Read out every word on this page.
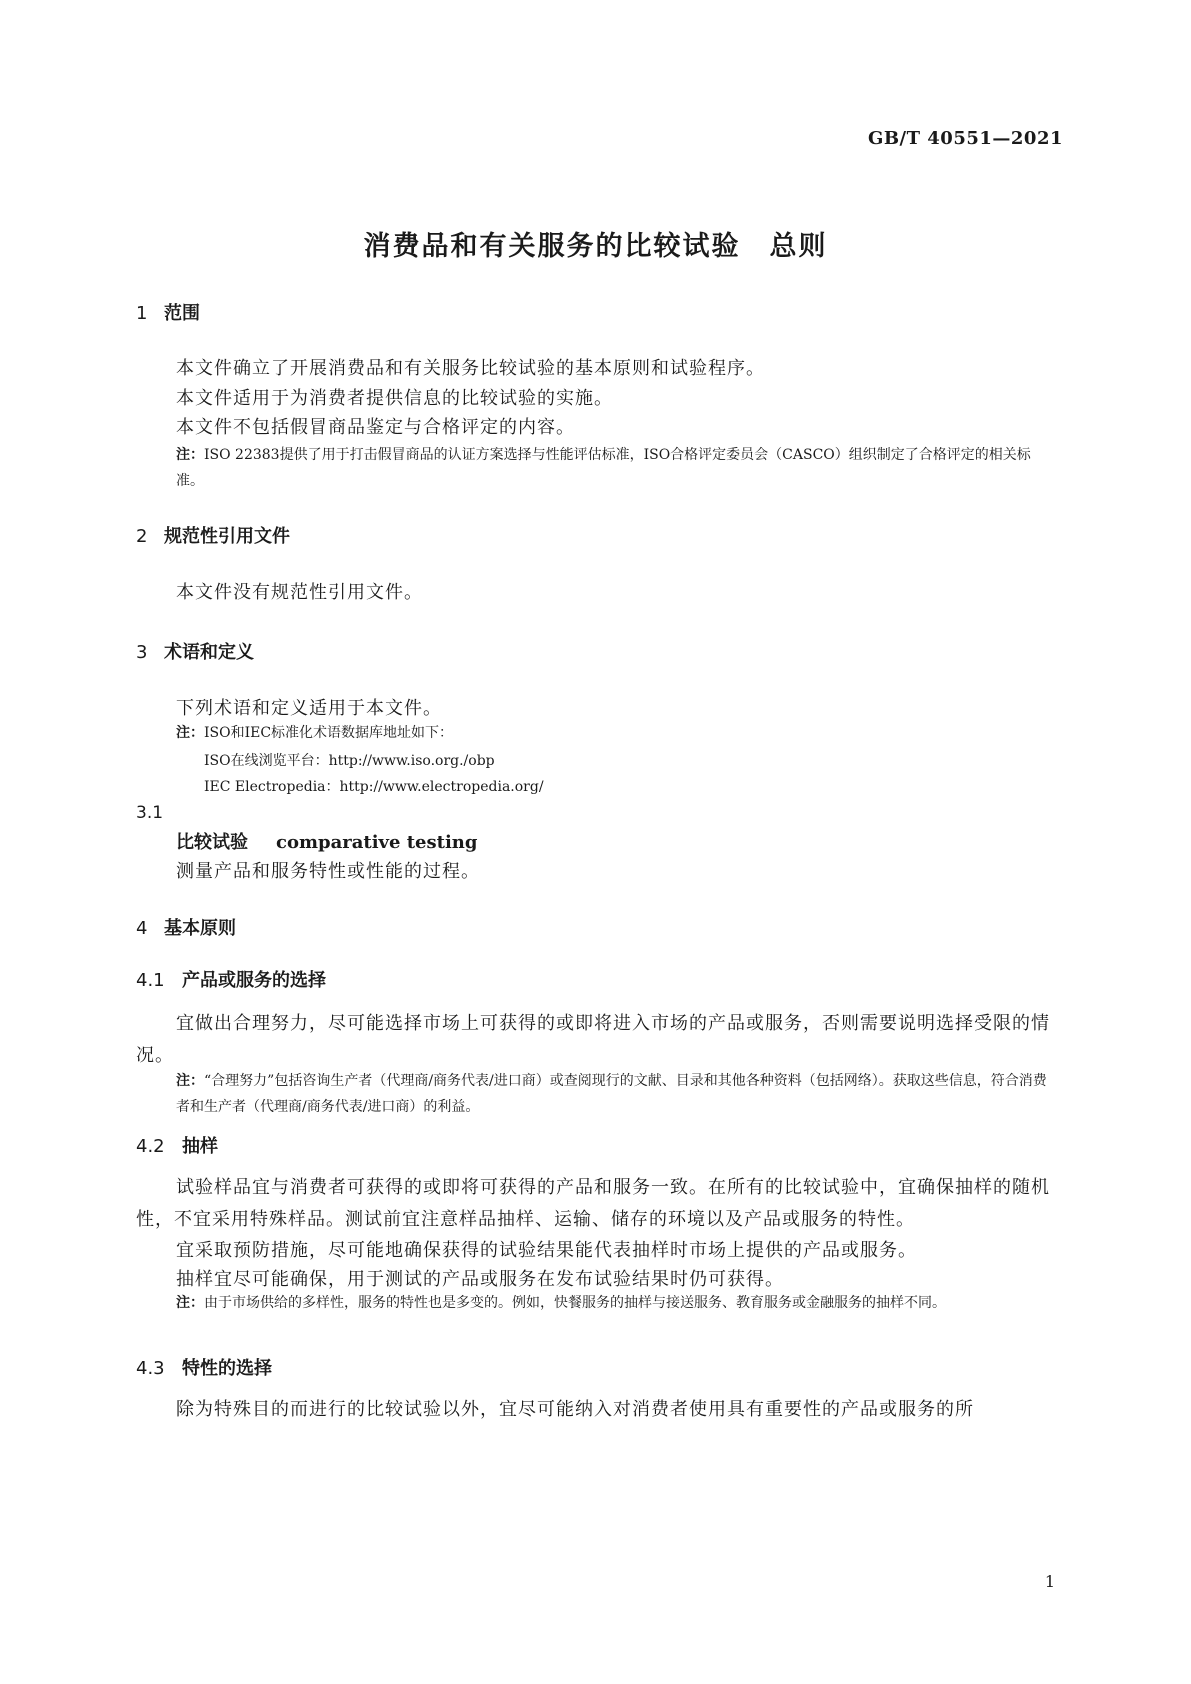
GB/T 40551—2021
消费品和有关服务的比较试验　总则
1 范围
本文件确立了开展消费品和有关服务比较试验的基本原则和试验程序。
本文件适用于为消费者提供信息的比较试验的实施。
本文件不包括假冒商品鉴定与合格评定的内容。
注：ISO 22383提供了用于打击假冒商品的认证方案选择与性能评估标准，ISO合格评定委员会（CASCO）组织制定了合格评定的相关标准。
2 规范性引用文件
本文件没有规范性引用文件。
3 术语和定义
下列术语和定义适用于本文件。
注：ISO和IEC标准化术语数据库地址如下：
ISO在线浏览平台：http://www.iso.org./obp
IEC Electropedia：http://www.electropedia.org/
3.1
比较试验 comparative testing
测量产品和服务特性或性能的过程。
4 基本原则
4.1 产品或服务的选择
宜做出合理努力，尽可能选择市场上可获得的或即将进入市场的产品或服务，否则需要说明选择受限的情况。
注：“合理努力”包括咨询生产者（代理商/商务代表/进口商）或查阅现行的文献、目录和其他各种资料（包括网络）。获取这些信息，符合消费者和生产者（代理商/商务代表/进口商）的利益。
4.2 抽样
试验样品宜与消费者可获得的或即将可获得的产品和服务一致。在所有的比较试验中，宜确保抽样的随机性，不宜采用特殊样品。测试前宜注意样品抽样、运输、储存的环境以及产品或服务的特性。
宜采取预防措施，尽可能地确保获得的试验结果能代表抽样时市场上提供的产品或服务。
抽样宜尽可能确保，用于测试的产品或服务在发布试验结果时仍可获得。
注：由于市场供给的多样性，服务的特性也是多变的。例如，快餐服务的抽样与接送服务、教育服务或金融服务的抽样不同。
4.3 特性的选择
除为特殊目的而进行的比较试验以外，宜尽可能纳入对消费者使用具有重要性的产品或服务的所
1
